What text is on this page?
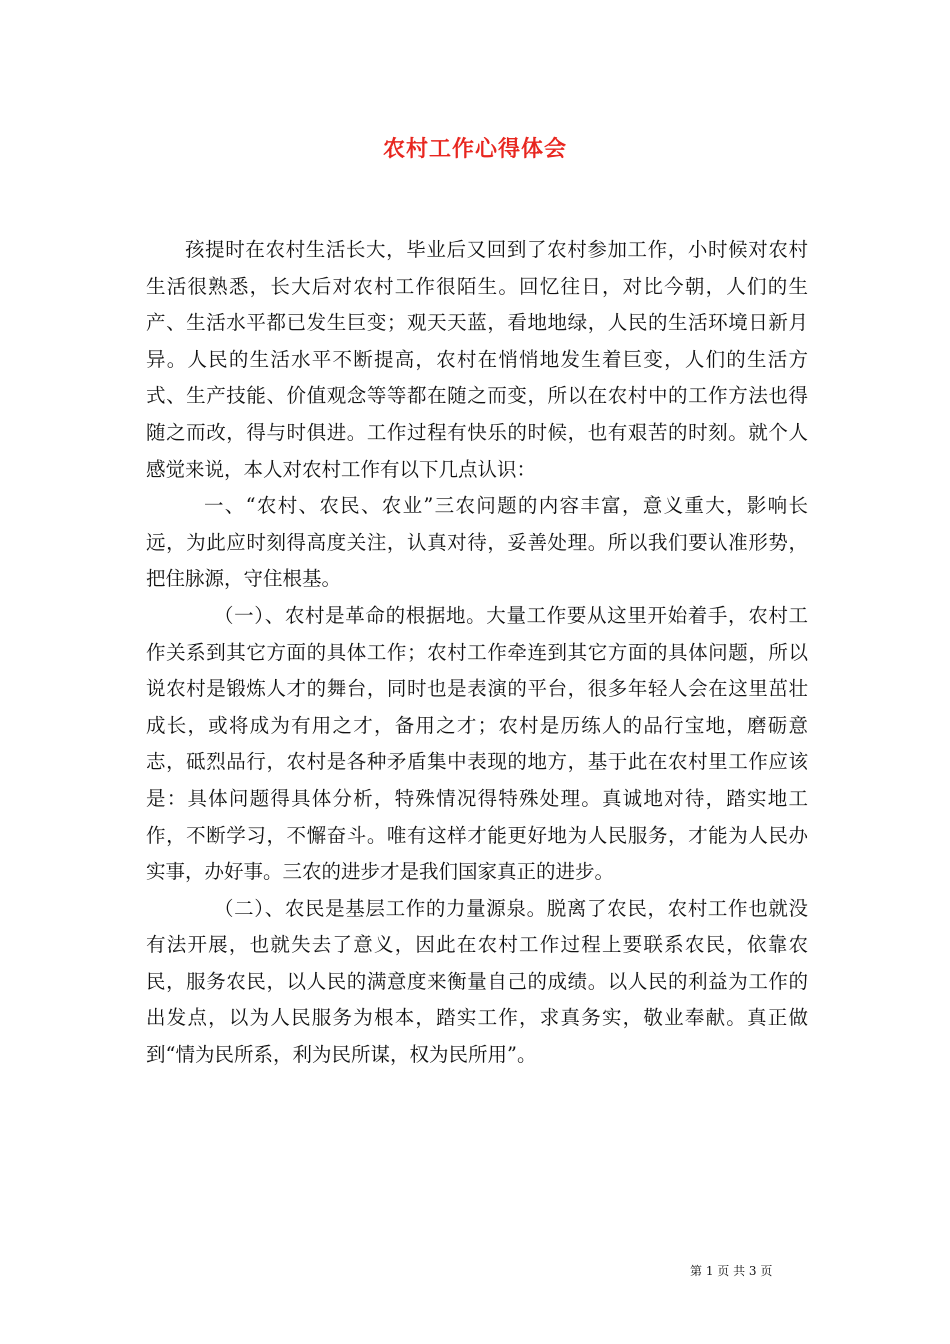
农村工作心得体会

孩提时在农村生活长大，毕业后又回到了农村参加工作，小时候对农村生活很熟悉，长大后对农村工作很陌生。回忆往日，对比今朝，人们的生产、生活水平都已发生巨变；观天天蓝，看地地绿，人民的生活环境日新月异。人民的生活水平不断提高，农村在悄悄地发生着巨变，人们的生活方式、生产技能、价值观念等等都在随之而变，所以在农村中的工作方法也得随之而改，得与时俱进。工作过程有快乐的时候，也有艰苦的时刻。就个人感觉来说，本人对农村工作有以下几点认识：

一、“农村、农民、农业”三农问题的内容丰富，意义重大，影响长远，为此应时刻得高度关注，认真对待，妥善处理。所以我们要认准形势，把住脉源，守住根基。

（一）、农村是革命的根据地。大量工作要从这里开始着手，农村工作关系到其它方面的具体工作；农村工作牵连到其它方面的具体问题，所以说农村是锻炼人才的舞台，同时也是表演的平台，很多年轻人会在这里茁壮成长，或将成为有用之才，备用之才；农村是历练人的品行宝地，磨砺意志，砥烈品行，农村是各种矛盾集中表现的地方，基于此在农村里工作应该是：具体问题得具体分析，特殊情况得特殊处理。真诚地对待，踏实地工作，不断学习，不懈奋斗。唯有这样才能更好地为人民服务，才能为人民办实事，办好事。三农的进步才是我们国家真正的进步。

（二）、农民是基层工作的力量源泉。脱离了农民，农村工作也就没有法开展，也就失去了意义，因此在农村工作过程上要联系农民，依靠农民，服务农民，以人民的满意度来衡量自己的成绩。以人民的利益为工作的出发点，以为人民服务为根本，踏实工作，求真务实，敬业奉献。真正做到“情为民所系，利为民所谋，权为民所用”。

第 1 页 共 3 页
